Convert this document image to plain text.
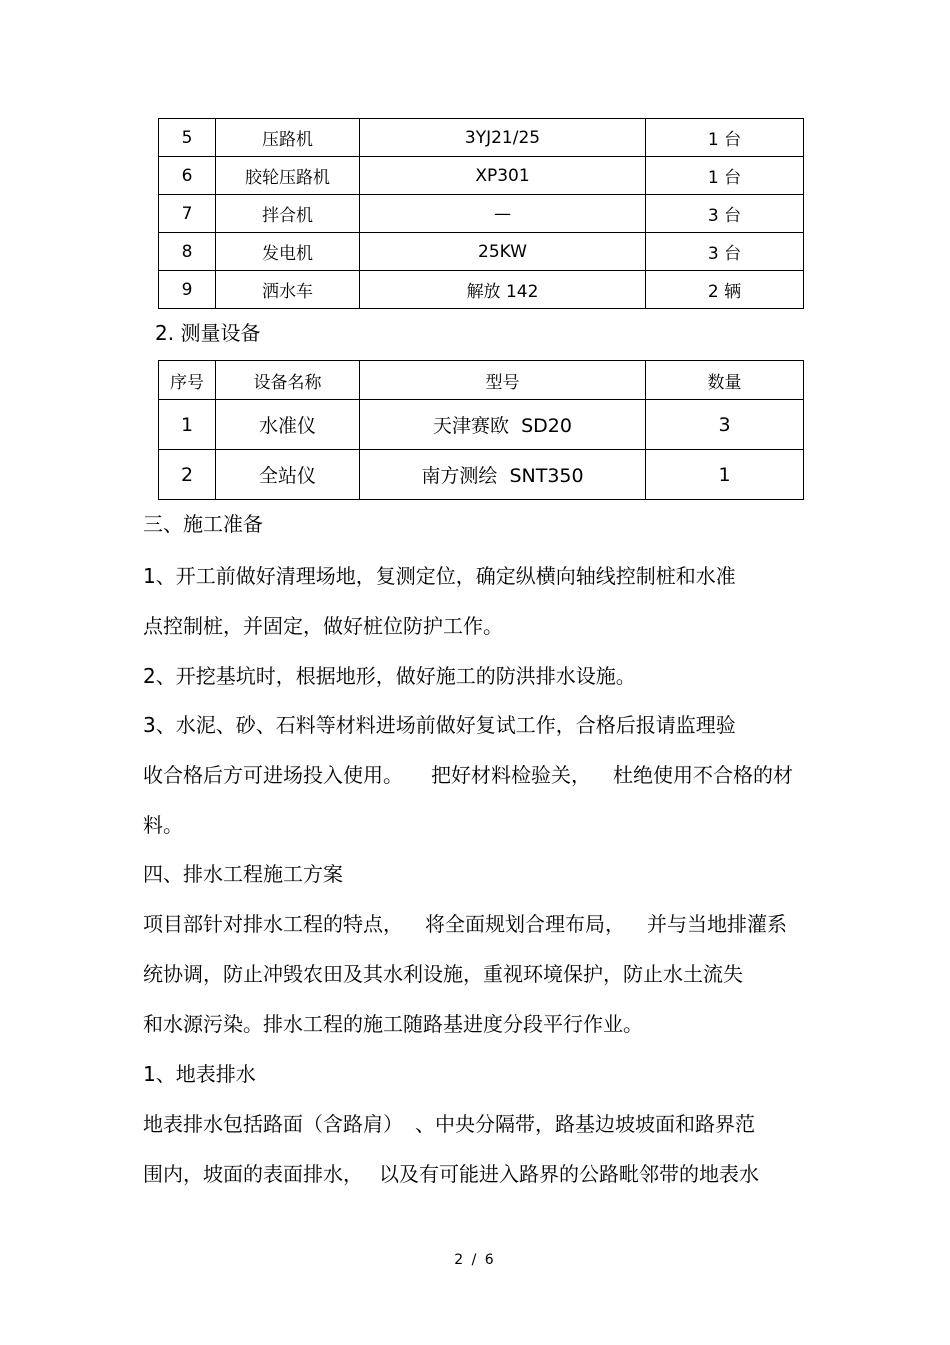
5	压路机	3YJ21/25	1 台
6	胶轮压路机	XP301	1 台
7	拌合机	—	3 台
8	发电机	25KW	3 台
9	洒水车	解放 142	2 辆
2. 测量设备
序号	设备名称	型号	数量
1	水准仪	天津赛欧  SD20	3
2	全站仪	南方测绘  SNT350	1
三、施工准备
1、开工前做好清理场地，复测定位，确定纵横向轴线控制桩和水准
点控制桩，并固定，做好桩位防护工作。
2、开挖基坑时，根据地形，做好施工的防洪排水设施。
3、水泥、砂、石料等材料进场前做好复试工作，合格后报请监理验
收合格后方可进场投入使用。 把好材料检验关， 杜绝使用不合格的材
料。
四、排水工程施工方案
项目部针对排水工程的特点， 将全面规划合理布局， 并与当地排灌系
统协调，防止冲毁农田及其水利设施，重视环境保护，防止水土流失
和水源污染。排水工程的施工随路基进度分段平行作业。
1、地表排水
地表排水包括路面（含路肩） 、中央分隔带，路基边坡坡面和路界范
围内，坡面的表面排水， 以及有可能进入路界的公路毗邻带的地表水
2 / 6
